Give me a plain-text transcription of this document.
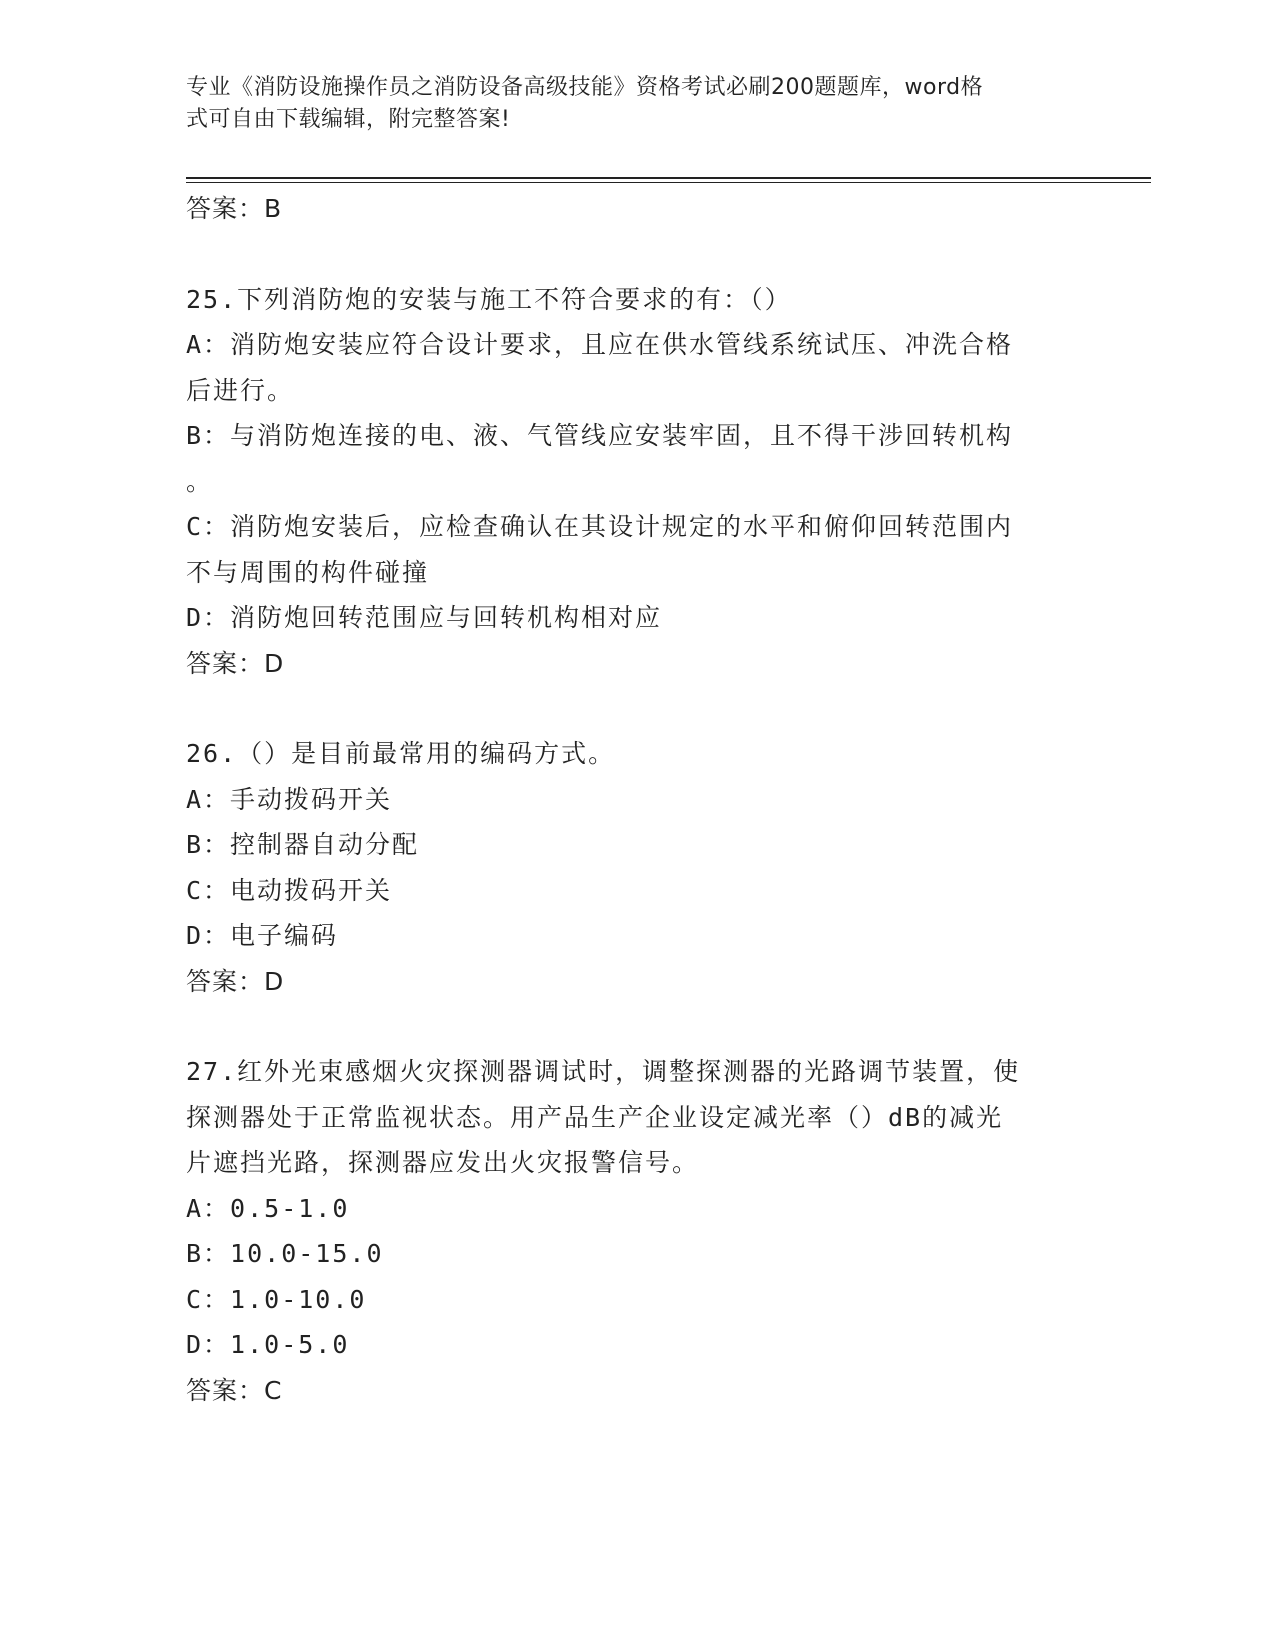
专业《消防设施操作员之消防设备高级技能》资格考试必刷200题题库，word格
式可自由下载编辑，附完整答案!
答案：B
25.下列消防炮的安装与施工不符合要求的有：（）
A：消防炮安装应符合设计要求，且应在供水管线系统试压、冲洗合格
后进行。
B：与消防炮连接的电、液、气管线应安装牢固，且不得干涉回转机构
。
C：消防炮安装后，应检查确认在其设计规定的水平和俯仰回转范围内
不与周围的构件碰撞
D：消防炮回转范围应与回转机构相对应
答案：D
26.（）是目前最常用的编码方式。
A：手动拨码开关
B：控制器自动分配
C：电动拨码开关
D：电子编码
答案：D
27.红外光束感烟火灾探测器调试时，调整探测器的光路调节装置，使
探测器处于正常监视状态。用产品生产企业设定减光率（）dB的减光
片遮挡光路，探测器应发出火灾报警信号。
A：0.5-1.0
B：10.0-15.0
C：1.0-10.0
D：1.0-5.0
答案：C
